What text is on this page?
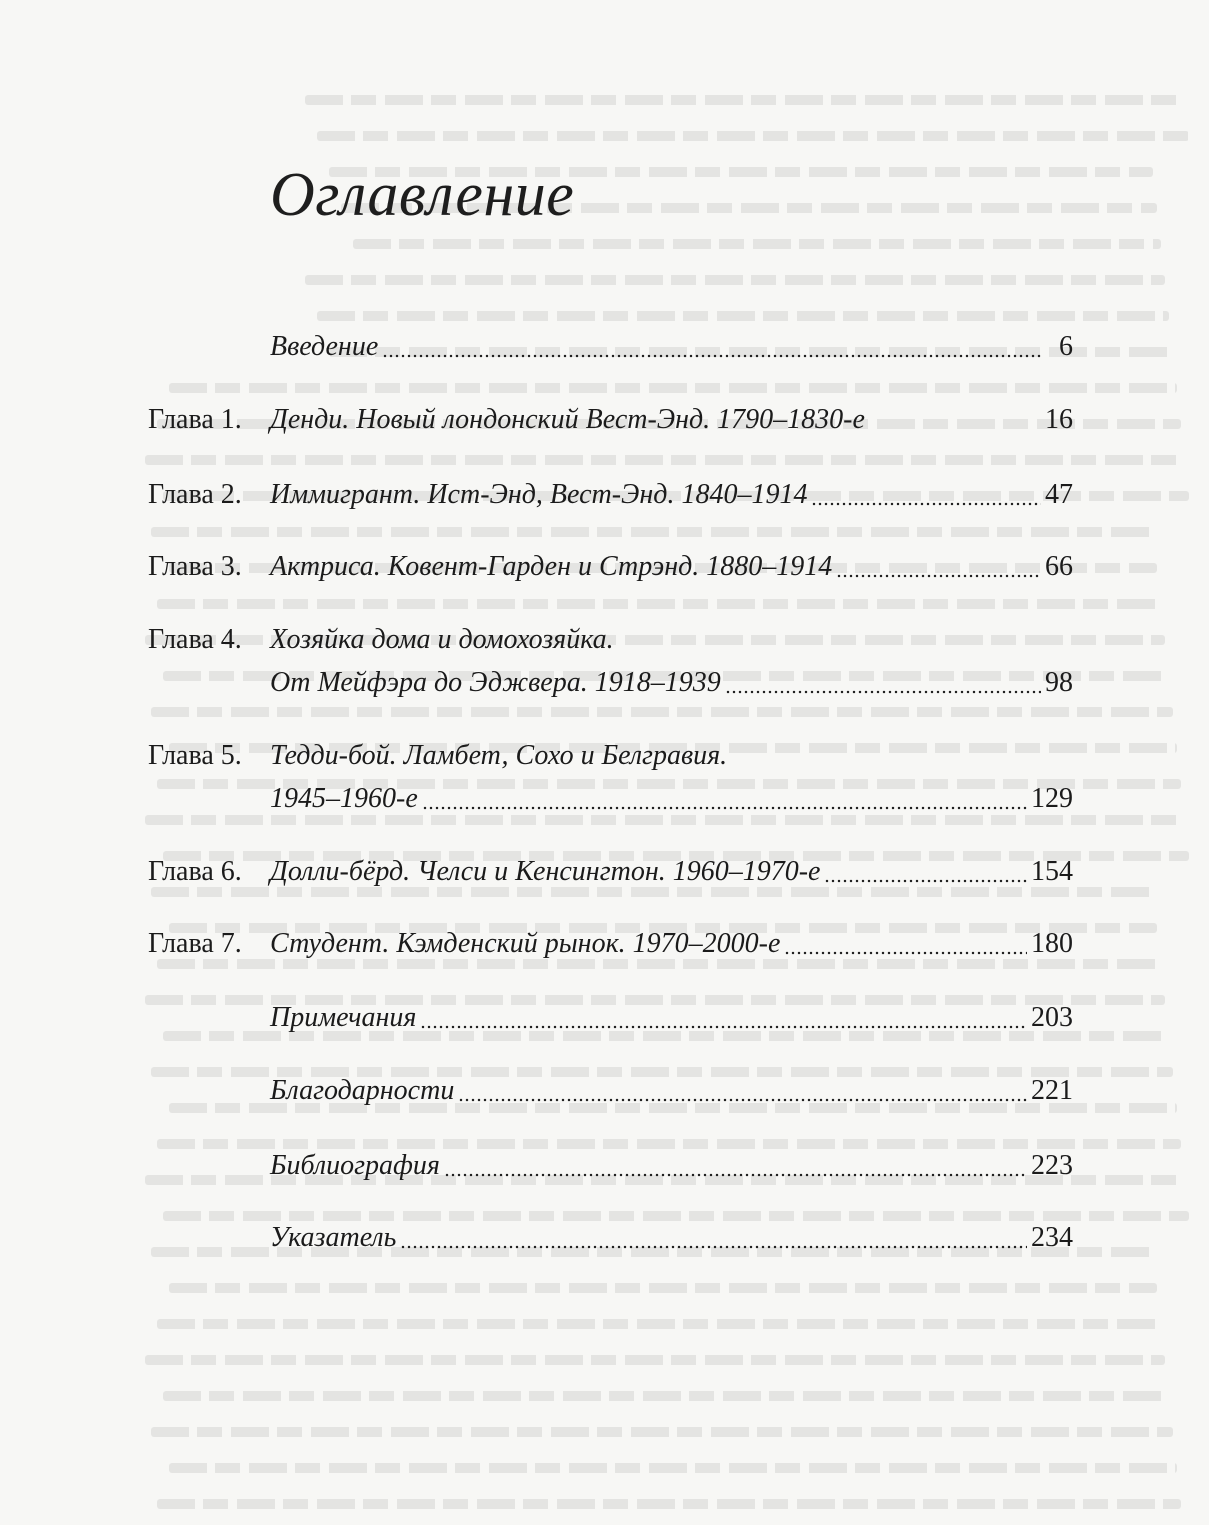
Оглавление
Введение	6
Глава 1. Денди. Новый лондонский Вест-Энд. 1790–1830-е	16
Глава 2. Иммигрант. Ист-Энд, Вест-Энд. 1840–1914	47
Глава 3. Актриса. Ковент-Гарден и Стрэнд. 1880–1914	66
Глава 4. Хозяйка дома и домохозяйка.
От Мейфэра до Эджвера. 1918–1939	98
Глава 5. Тедди-бой. Ламбет, Сохо и Белгравия.
1945–1960-е	129
Глава 6. Долли-бёрд. Челси и Кенсингтон. 1960–1970-е	154
Глава 7. Студент. Кэмденский рынок. 1970–2000-е	180
Примечания	203
Благодарности	221
Библиография	223
Указатель	234
